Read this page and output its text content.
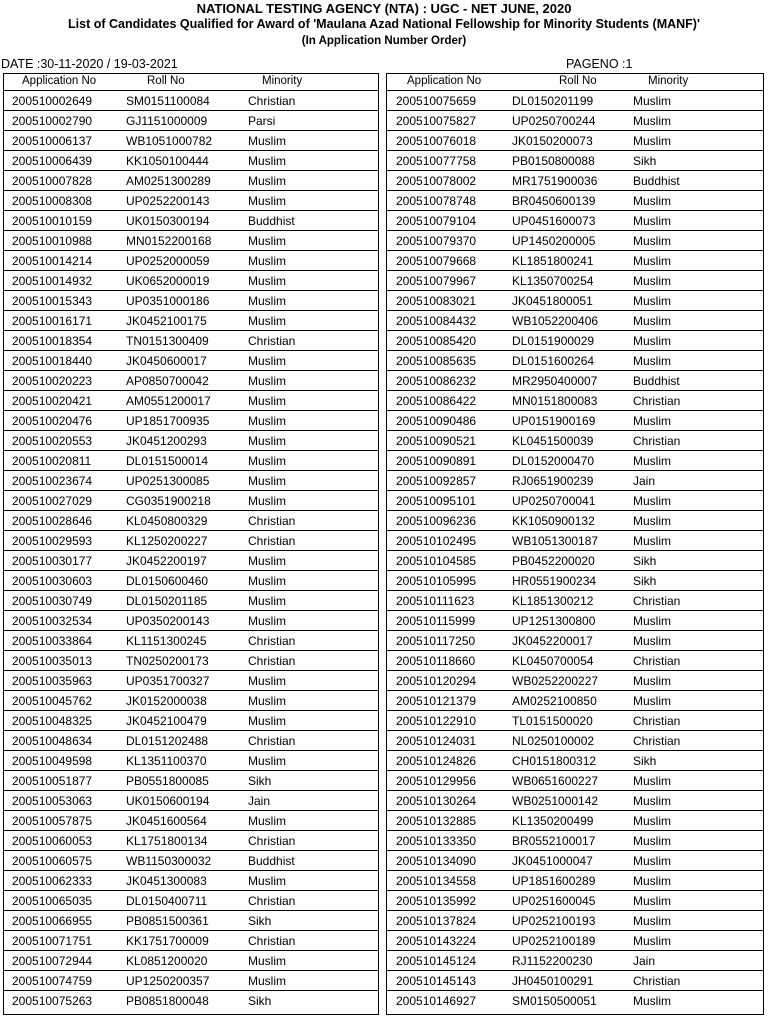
NATIONAL TESTING AGENCY (NTA) : UGC - NET JUNE, 2020
List of Candidates Qualified for Award of 'Maulana Azad National Fellowship for Minority Students (MANF)'
(In Application Number Order)
DATE :30-11-2020 / 19-03-2021	PAGENO :1
Application No	Roll No	Minority
200510002649	SM0151100084	Christian
200510002790	GJ1151000009	Parsi
200510006137	WB1051000782	Muslim
200510006439	KK1050100444	Muslim
200510007828	AM0251300289	Muslim
200510008308	UP0252200143	Muslim
200510010159	UK0150300194	Buddhist
200510010988	MN0152200168	Muslim
200510014214	UP0252000059	Muslim
200510014932	UK0652000019	Muslim
200510015343	UP0351000186	Muslim
200510016171	JK0452100175	Muslim
200510018354	TN0151300409	Christian
200510018440	JK0450600017	Muslim
200510020223	AP0850700042	Muslim
200510020421	AM0551200017	Muslim
200510020476	UP1851700935	Muslim
200510020553	JK0451200293	Muslim
200510020811	DL0151500014	Muslim
200510023674	UP0251300085	Muslim
200510027029	CG0351900218	Muslim
200510028646	KL0450800329	Christian
200510029593	KL1250200227	Christian
200510030177	JK0452200197	Muslim
200510030603	DL0150600460	Muslim
200510030749	DL0150201185	Muslim
200510032534	UP0350200143	Muslim
200510033864	KL1151300245	Christian
200510035013	TN0250200173	Christian
200510035963	UP0351700327	Muslim
200510045762	JK0152000038	Muslim
200510048325	JK0452100479	Muslim
200510048634	DL0151202488	Christian
200510049598	KL1351100370	Muslim
200510051877	PB0551800085	Sikh
200510053063	UK0150600194	Jain
200510057875	JK0451600564	Muslim
200510060053	KL1751800134	Christian
200510060575	WB1150300032	Buddhist
200510062333	JK0451300083	Muslim
200510065035	DL0150400711	Christian
200510066955	PB0851500361	Sikh
200510071751	KK1751700009	Christian
200510072944	KL0851200020	Muslim
200510074759	UP1250200357	Muslim
200510075263	PB0851800048	Sikh
Application No	Roll No	Minority
200510075659	DL0150201199	Muslim
200510075827	UP0250700244	Muslim
200510076018	JK0150200073	Muslim
200510077758	PB0150800088	Sikh
200510078002	MR1751900036	Buddhist
200510078748	BR0450600139	Muslim
200510079104	UP0451600073	Muslim
200510079370	UP1450200005	Muslim
200510079668	KL1851800241	Muslim
200510079967	KL1350700254	Muslim
200510083021	JK0451800051	Muslim
200510084432	WB1052200406	Muslim
200510085420	DL0151900029	Muslim
200510085635	DL0151600264	Muslim
200510086232	MR2950400007	Buddhist
200510086422	MN0151800083	Christian
200510090486	UP0151900169	Muslim
200510090521	KL0451500039	Christian
200510090891	DL0152000470	Muslim
200510092857	RJ0651900239	Jain
200510095101	UP0250700041	Muslim
200510096236	KK1050900132	Muslim
200510102495	WB1051300187	Muslim
200510104585	PB0452200020	Sikh
200510105995	HR0551900234	Sikh
200510111623	KL1851300212	Christian
200510115999	UP1251300800	Muslim
200510117250	JK0452200017	Muslim
200510118660	KL0450700054	Christian
200510120294	WB0252200227	Muslim
200510121379	AM0252100850	Muslim
200510122910	TL0151500020	Christian
200510124031	NL0250100002	Christian
200510124826	CH0151800312	Sikh
200510129956	WB0651600227	Muslim
200510130264	WB0251000142	Muslim
200510132885	KL1350200499	Muslim
200510133350	BR0552100017	Muslim
200510134090	JK0451000047	Muslim
200510134558	UP1851600289	Muslim
200510135992	UP0251600045	Muslim
200510137824	UP0252100193	Muslim
200510143224	UP0252100189	Muslim
200510145124	RJ1152200230	Jain
200510145143	JH0450100291	Christian
200510146927	SM0150500051	Muslim
